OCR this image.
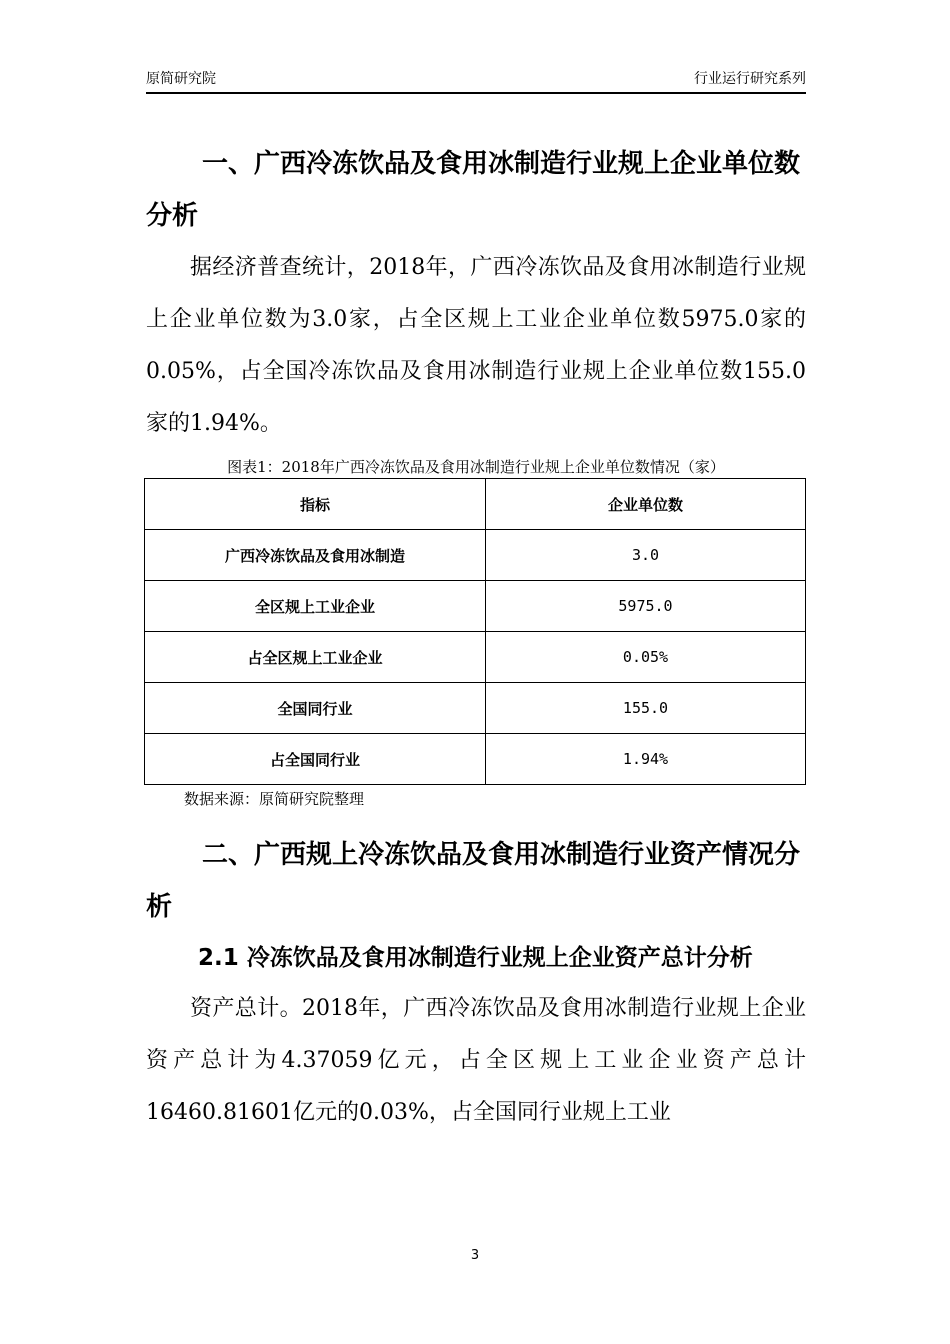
原简研究院	行业运行研究系列

一、广西冷冻饮品及食用冰制造行业规上企业单位数分析

据经济普查统计，2018年，广西冷冻饮品及食用冰制造行业规上企业单位数为3.0家，占全区规上工业企业单位数5975.0家的0.05%，占全国冷冻饮品及食用冰制造行业规上企业单位数155.0家的1.94%。

图表1：2018年广西冷冻饮品及食用冰制造行业规上企业单位数情况（家）

指标	企业单位数
广西冷冻饮品及食用冰制造	3.0
全区规上工业企业	5975.0
占全区规上工业企业	0.05%
全国同行业	155.0
占全国同行业	1.94%

数据来源：原简研究院整理

二、广西规上冷冻饮品及食用冰制造行业资产情况分析

2.1 冷冻饮品及食用冰制造行业规上企业资产总计分析

资产总计。2018年，广西冷冻饮品及食用冰制造行业规上企业资产总计为4.37059亿元，占全区规上工业企业资产总计16460.81601亿元的0.03%，占全国同行业规上工业

3
